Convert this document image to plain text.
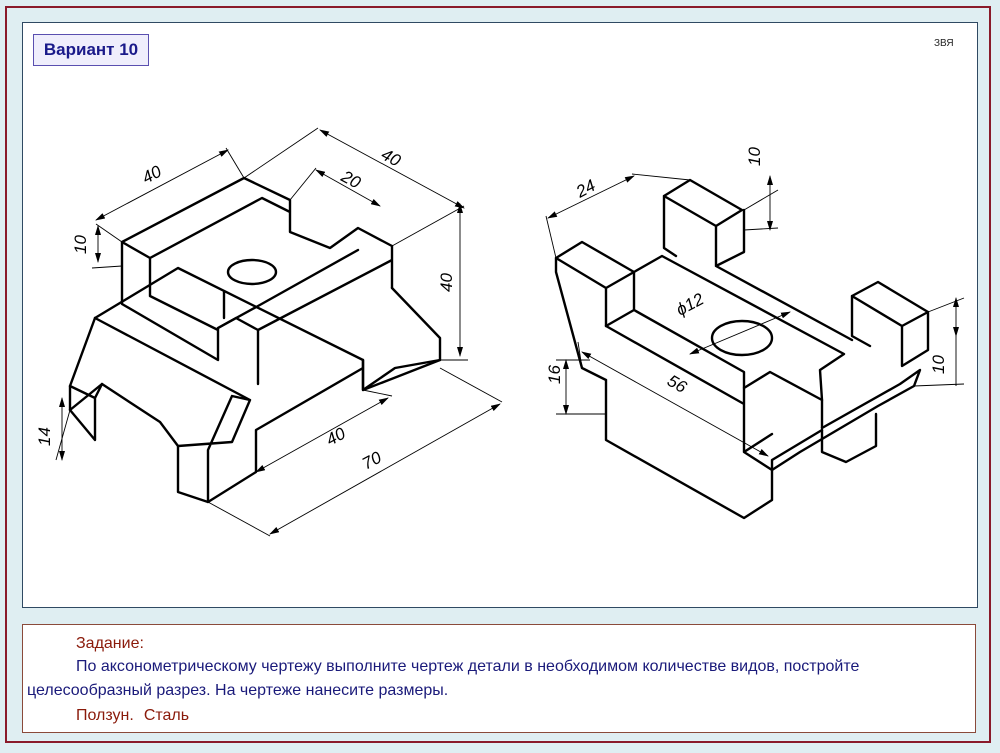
40
40
20
10
40
14	40
70
24
10
ϕ12
56
16
10
Вариант 10	ЗВЯ
Задание:
По аксонометрическому чертежу выполните чертеж детали в необходимом количестве видов, постройте
целесообразный разрез. На чертеже нанесите размеры.
Ползун. Сталь
